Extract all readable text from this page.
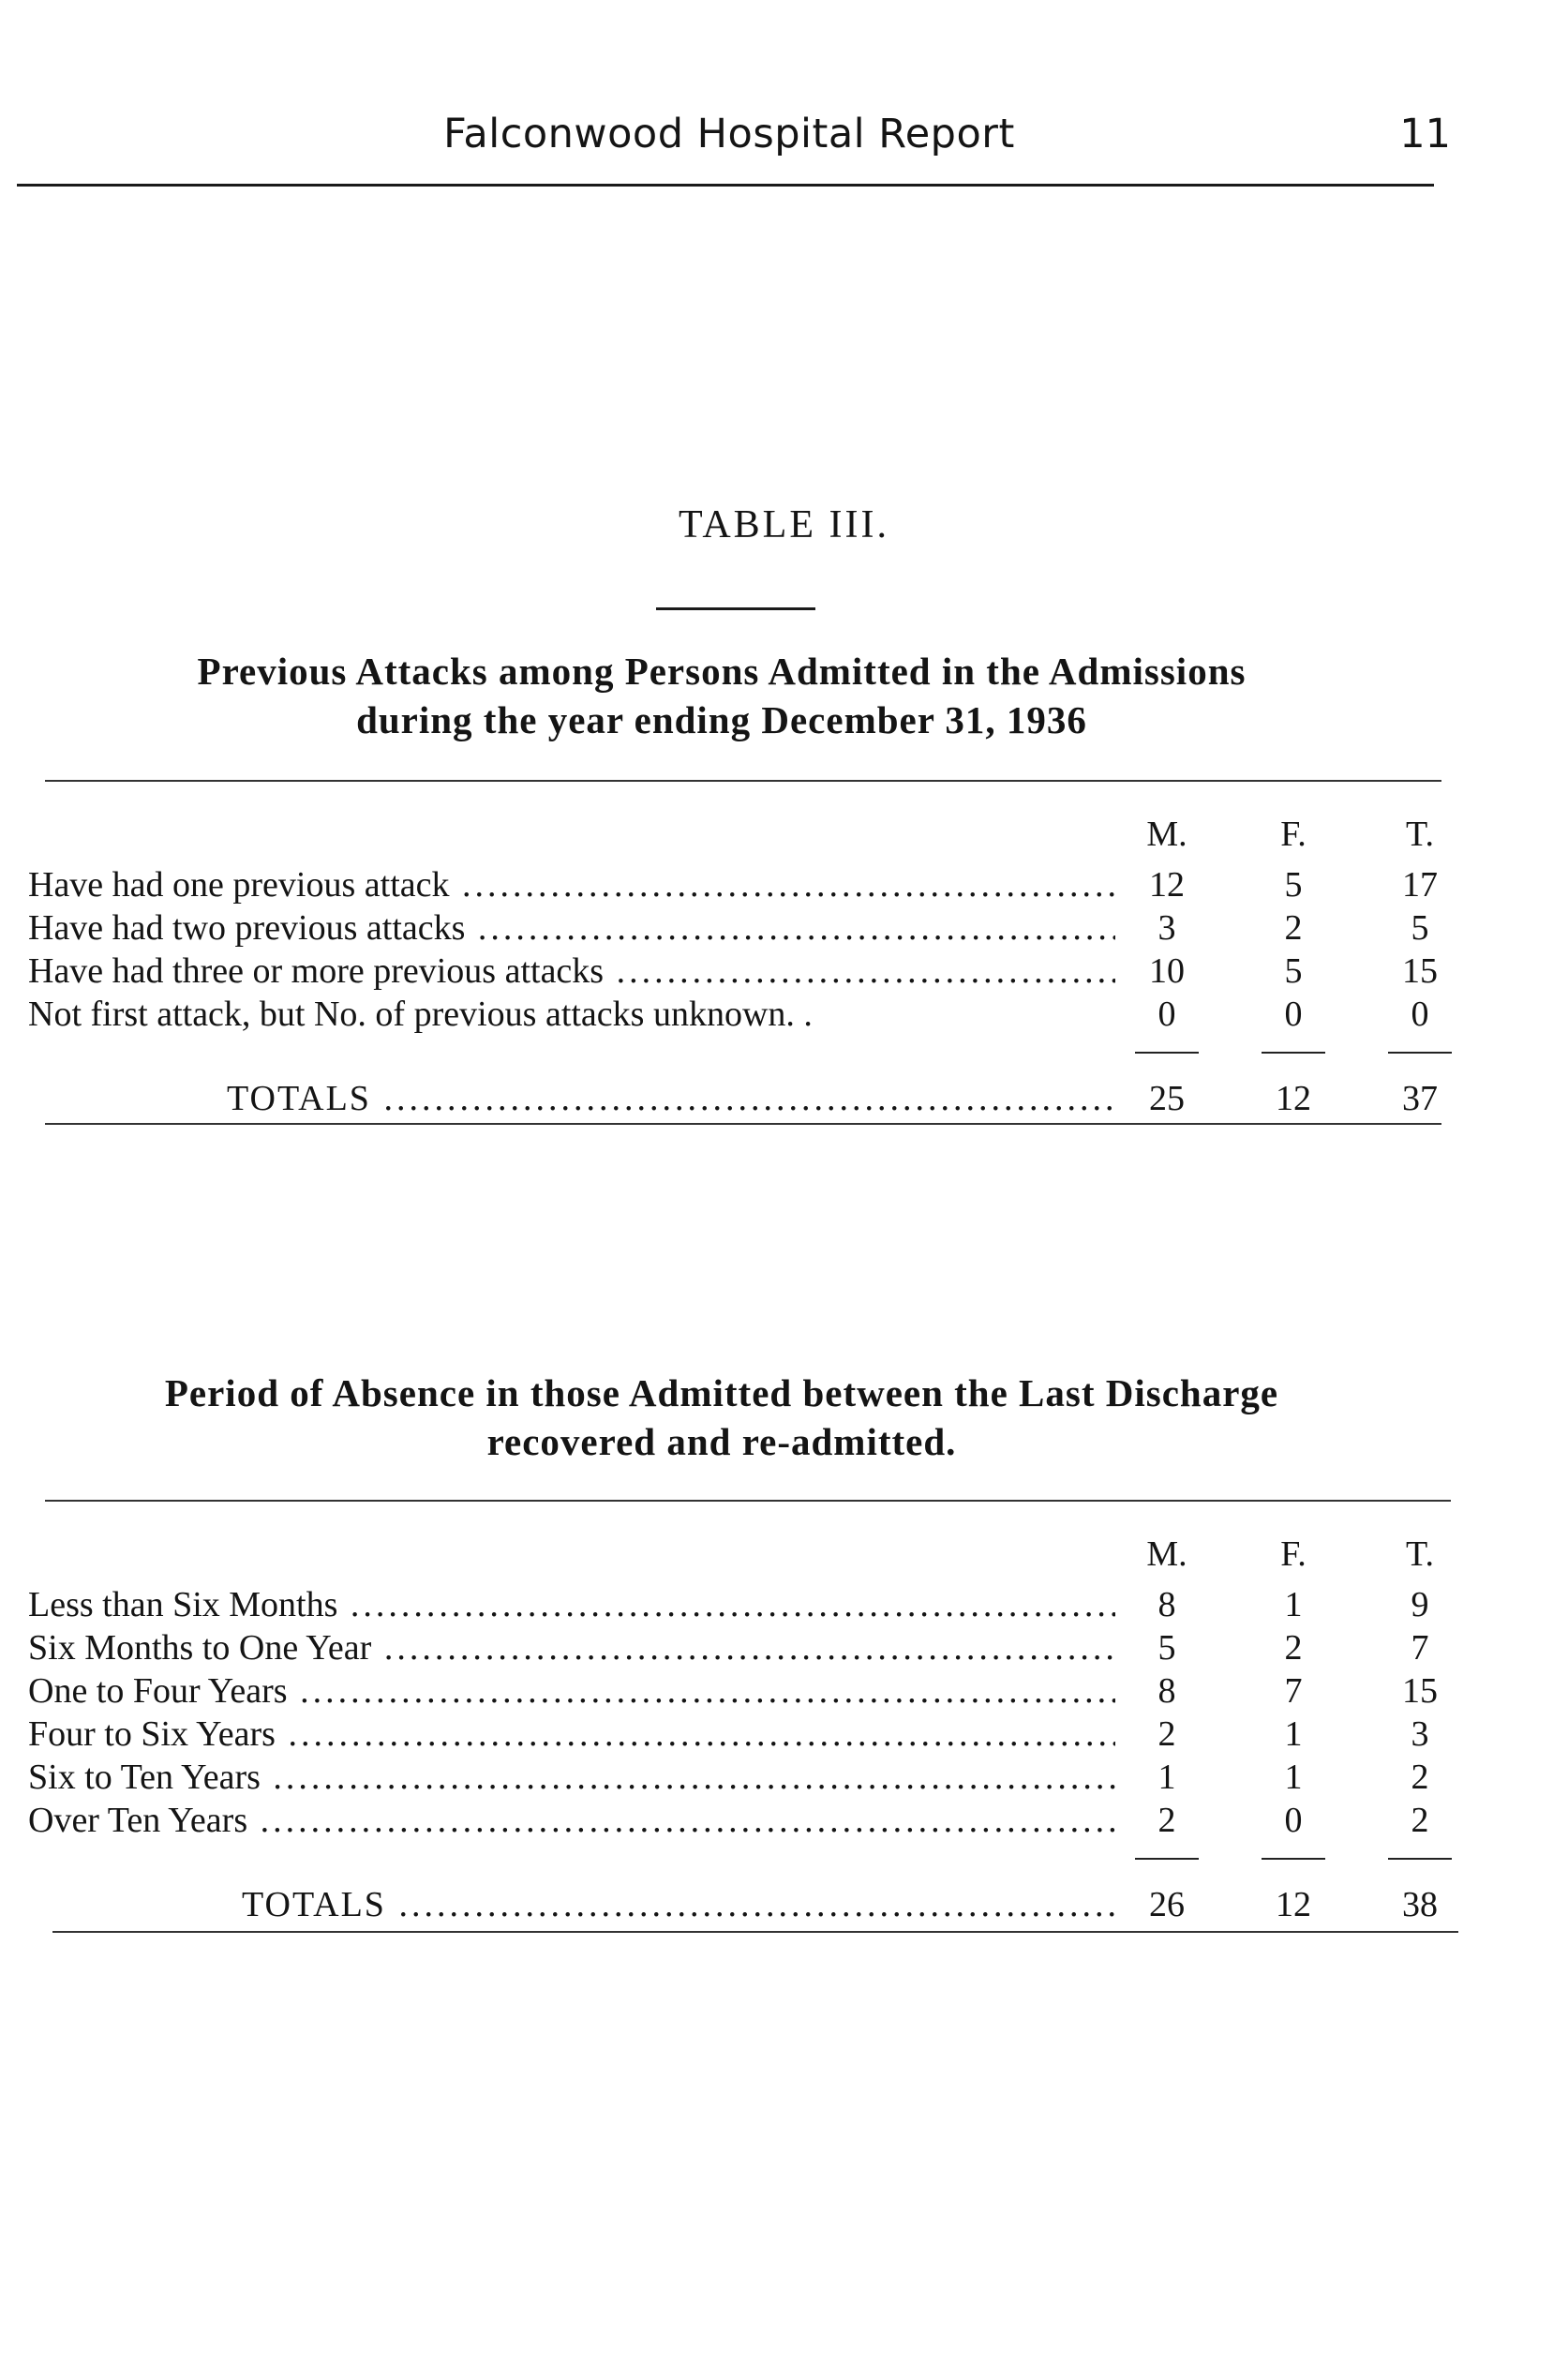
Falconwood Hospital Report	11
TABLE III.
Previous Attacks among Persons Admitted in the Admissions
during the year ending December 31, 1936
M.	F.	T.
Have had one previous attack .....	12	5	17
Have had two previous attacks .....	3	2	5
Have had three or more previous attacks .....	10	5	15
Not first attack, but No. of previous attacks unknown. .	0	0	0
TOTALS .....	25	12	37
Period of Absence in those Admitted between the Last Discharge
recovered and re-admitted.
M.	F.	T.
Less than Six Months .....	8	1	9
Six Months to One Year .....	5	2	7
One to Four Years .....	8	7	15
Four to Six Years .....	2	1	3
Six to Ten Years .....	1	1	2
Over Ten Years .....	2	0	2
TOTALS .....	26	12	38
